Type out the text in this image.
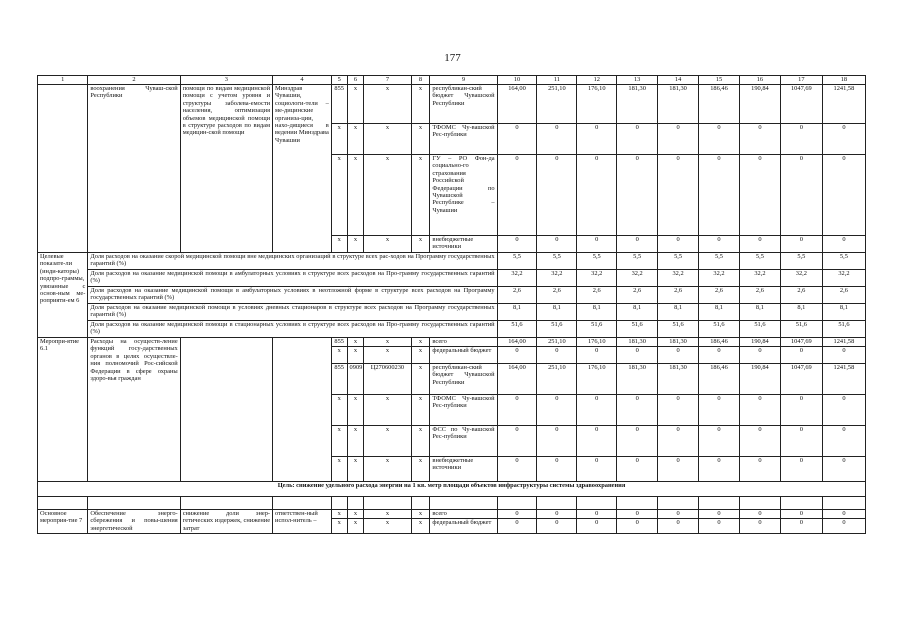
177
1	2	3	4	5	6	7	8	9	10	11	12	13	14	15	16	17	18
	воохранения Чуваш-ской Республики	помощи по видам медицинской помощи с учетом уровня и структуры заболева-емости населения, оптимизация объемов медицинской помощи в структуре расходов по видам медицин-ской помощи	Минздрав Чувашии, социологи-тели – ме-дицинские организа-ции, нахо-дящиеся в ведении Минздрава Чувашии	855	x	x	x	республикан-ский бюджет Чувашской Республики	164,00	251,10	176,10	181,30	181,30	186,46	190,84	1047,69	1241,58
				x	x	x	x	ТФОМС Чу-вашской Рес-публики	0	0	0	0	0	0	0	0	0
				x	x	x	x	ГУ – РО Фон-да социально-го страхования Российской Федерации по Чувашской Республике – Чувашии	0	0	0	0	0	0	0	0	0
				x	x	x	x	внебюджетные источники	0	0	0	0	0	0	0	0	0
Целевые показате-ли (инди-каторы) подпро-граммы, увязанные с основ-ным ме-роприяти-ем 6	Доля расходов на оказание скорой медицинской помощи вне медицинских организаций в структуре всех рас-ходов на Программу государственных гарантий (%)								5,5	5,5	5,5	5,5	5,5	5,5	5,5	5,5	5,5
	Доля расходов на оказание медицинской помощи в амбулаторных условиях в структуре всех расходов на Про-грамму государственных гарантий (%)								32,2	32,2	32,2	32,2	32,2	32,2	32,2	32,2	32,2
	Доля расходов на оказание медицинской помощи в амбулаторных условиях в неотложной форме в структуре всех расходов на Программу государственных гарантий (%)								2,6	2,6	2,6	2,6	2,6	2,6	2,6	2,6	2,6
	Доля расходов на оказание медицинской помощи в условиях дневных стационаров в структуре всех расходов на Программу государственных гарантий (%)								8,1	8,1	8,1	8,1	8,1	8,1	8,1	8,1	8,1
	Доля расходов на оказание медицинской помощи в стационарных условиях в структуре всех расходов на Про-грамму государственных гарантий (%)								51,6	51,6	51,6	51,6	51,6	51,6	51,6	51,6	51,6
Меропри-ятие 6.1	Расходы на осуществ-ление функций госу-дарственных органов в целях осуществле-ния полномочий Рос-сийской Федерации в сфере охраны здоро-вья граждан			855	x	x	x	всего	164,00	251,10	176,10	181,30	181,30	186,46	190,84	1047,69	1241,58
				x	x	x	x	федеральный бюджет	0	0	0	0	0	0	0	0	0
				855	0909	Ц270600230	x	республикан-ский бюджет Чувашской Республики	164,00	251,10	176,10	181,30	181,30	186,46	190,84	1047,69	1241,58
				x	x	x	x	ТФОМС Чу-вашской Рес-публики	0	0	0	0	0	0	0	0	0
				x	x	x	x	ФСС по Чу-вашской Рес-публики	0	0	0	0	0	0	0	0	0
				x	x	x	x	внебюджетные источники	0	0	0	0	0	0	0	0	0
Цель: снижение удельного расхода энергии на 1 кв. метр площади объектов инфраструктуры системы здравоохранения																	

Основное мероприя-тие 7	Обеспечение энерго-сбережения и повы-шения энергетической	снижение доли энер-гетических издержек, снижение затрат	ответствен-ный испол-нитель –	x	x	x	x	всего	0	0	0	0	0	0	0	0	0
				x	x	x	x	федеральный бюджет	0	0	0	0	0	0	0	0	0
